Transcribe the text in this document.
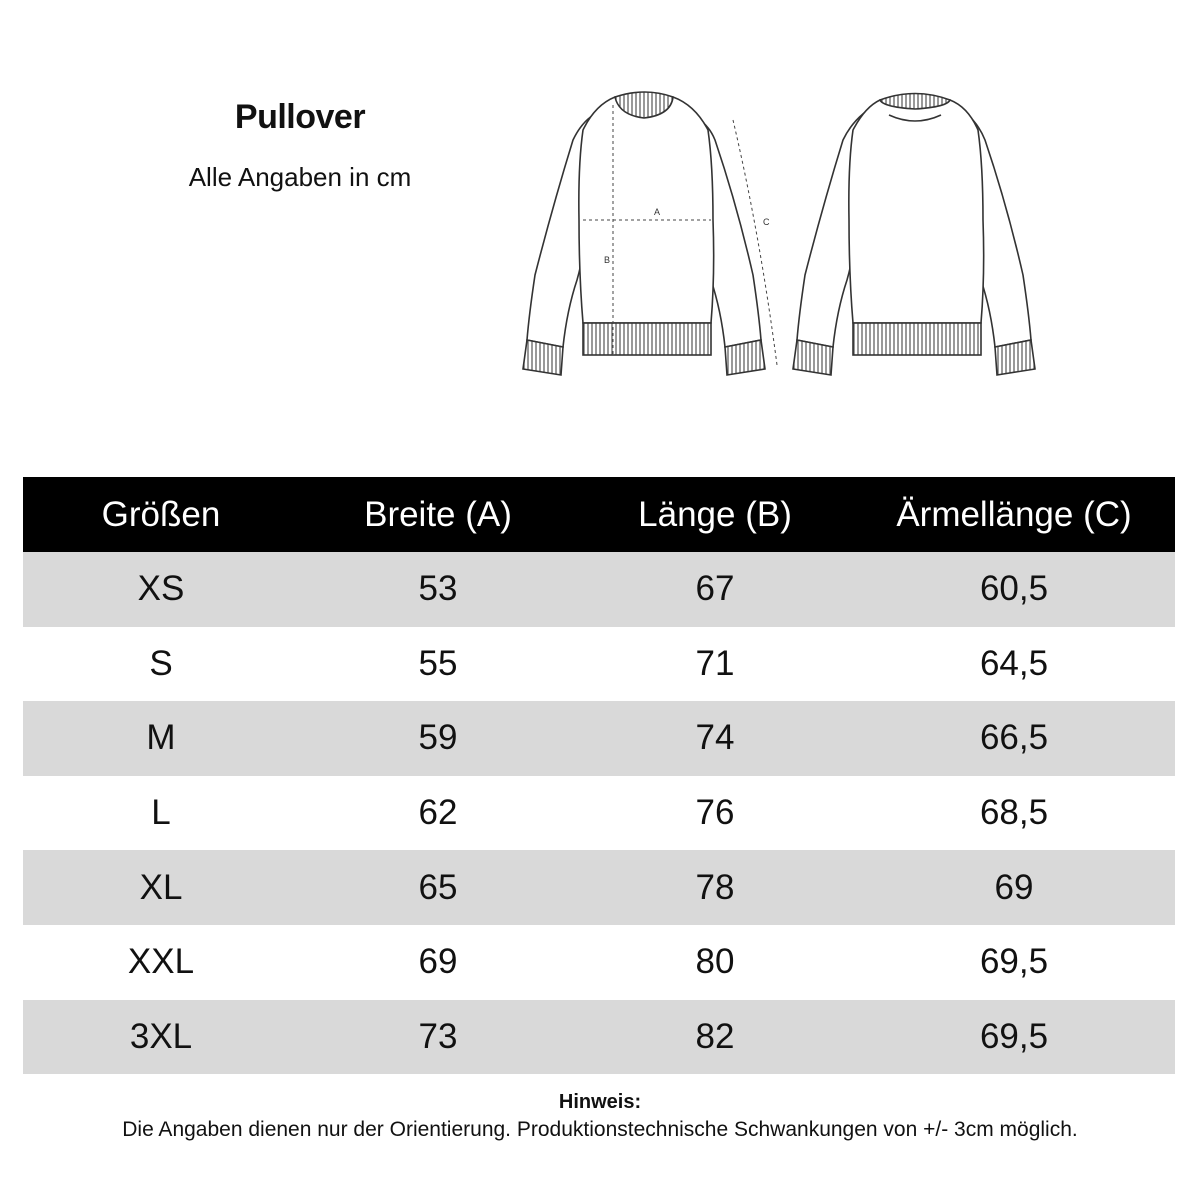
Pullover
Alle Angaben in cm
A
B
C
Größen	Breite (A)	Länge (B)	Ärmellänge (C)
XS	53	67	60,5
S	55	71	64,5
M	59	74	66,5
L	62	76	68,5
XL	65	78	69
XXL	69	80	69,5
3XL	73	82	69,5
Hinweis:
Die Angaben dienen nur der Orientierung. Produktionstechnische Schwankungen von +/- 3cm möglich.
